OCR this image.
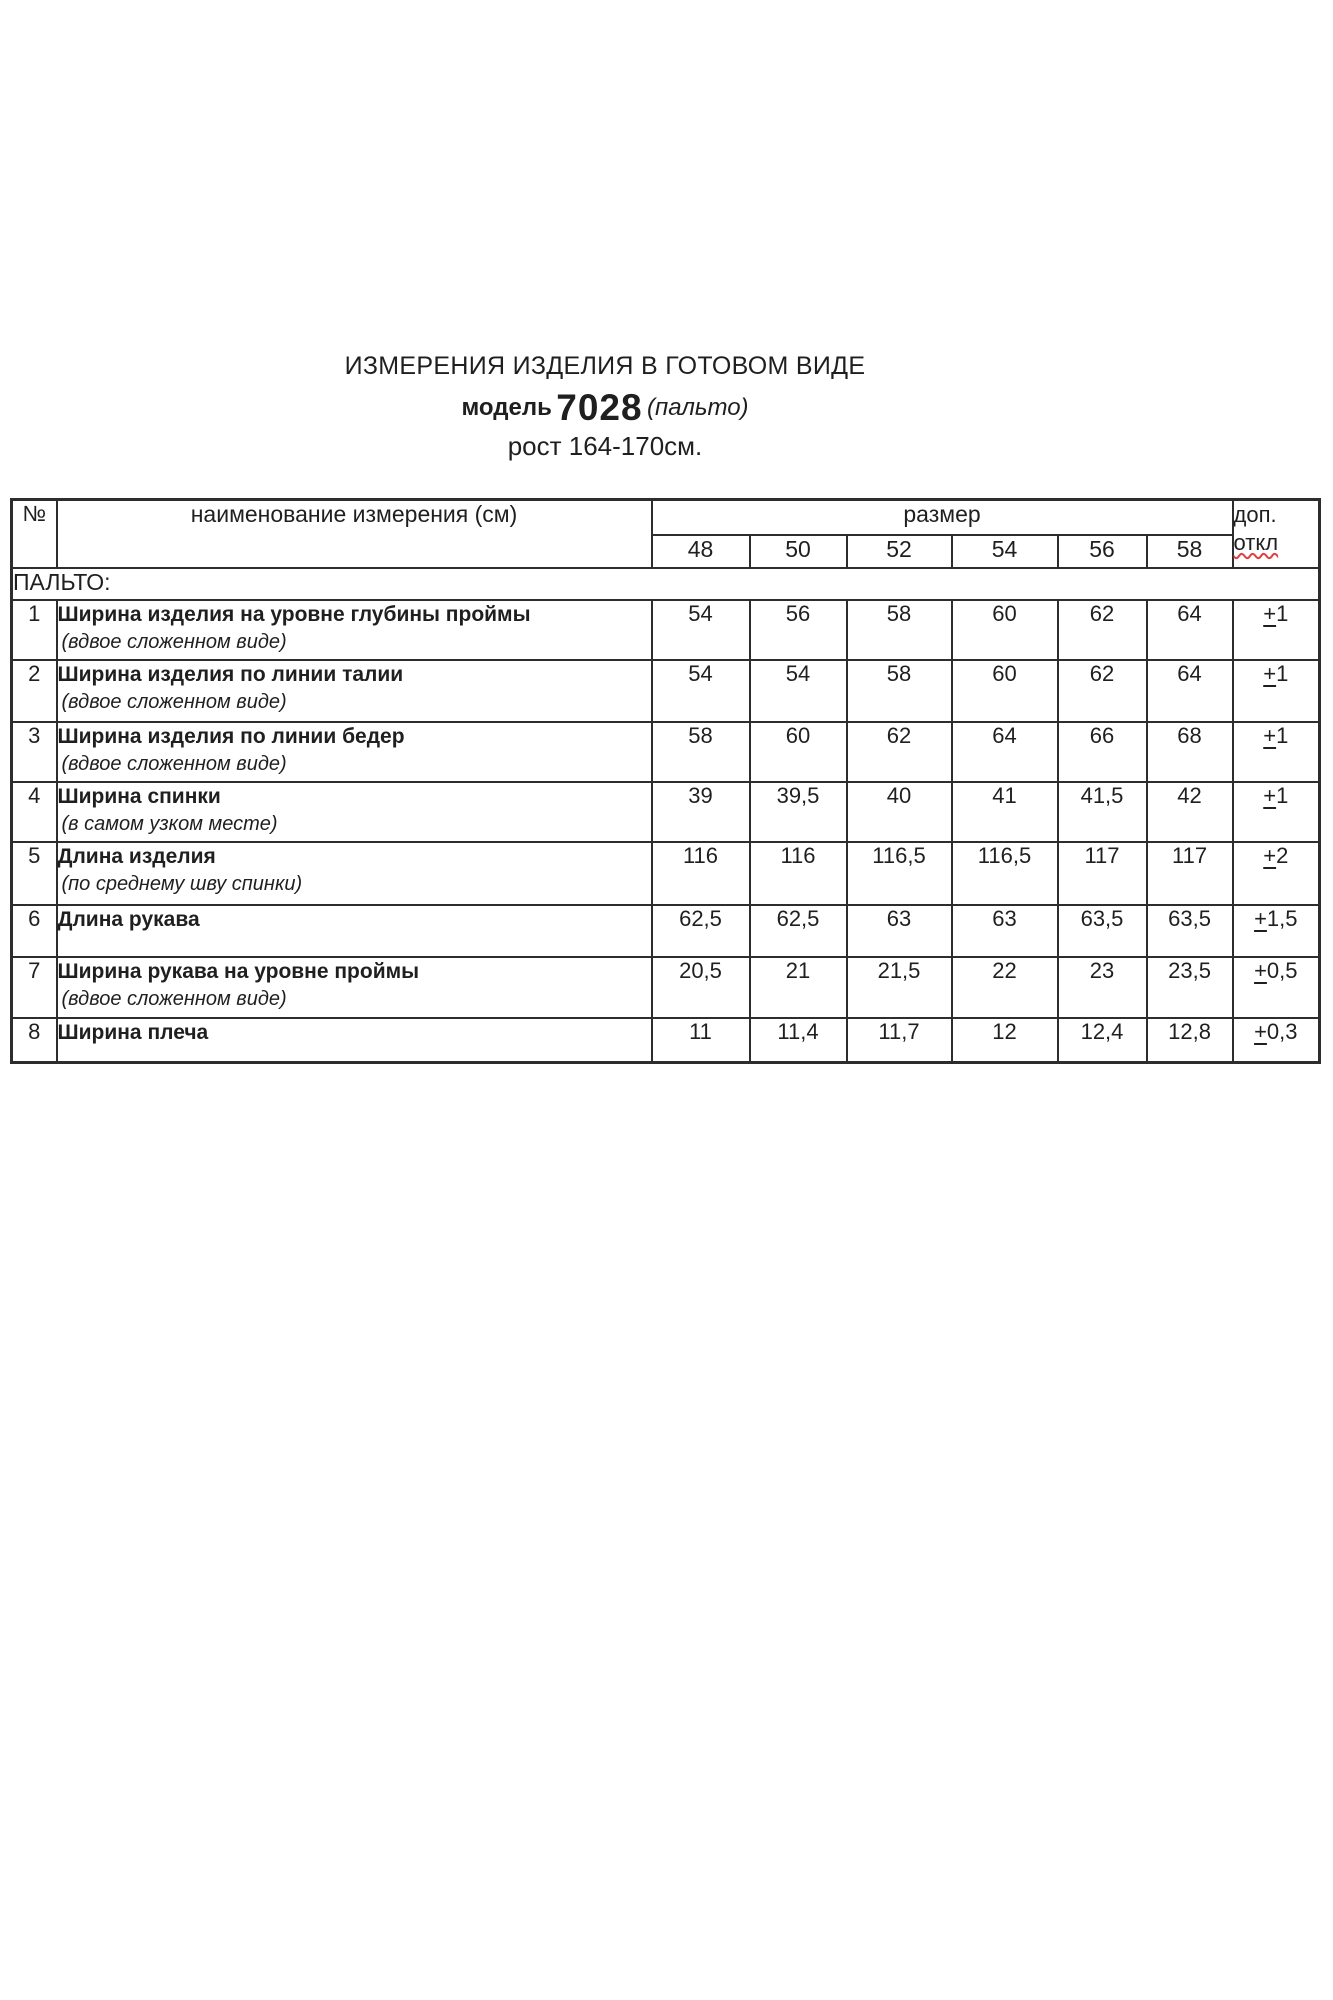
ИЗМЕРЕНИЯ ИЗДЕЛИЯ В ГОТОВОМ ВИДЕ
модель 7028 (пальто)
рост 164-170см.
№	наименование измерения (см)	размер						доп.
откл

		48	50	52	54	56	58	
ПАЛЬТО:								
1	Ширина изделия на уровне глубины проймы
(вдвое сложенном виде)	54	56	58	60	62	64	+1
2	Ширина изделия по линии талии
(вдвое сложенном виде)	54	54	58	60	62	64	+1
3	Ширина изделия по линии бедер
(вдвое сложенном виде)	58	60	62	64	66	68	+1
4	Ширина спинки
(в самом узком месте)	39	39,5	40	41	41,5	42	+1
5	Длина изделия
(по среднему шву спинки)	116	116	116,5	116,5	117	117	+2
6	Длина рукава	62,5	62,5	63	63	63,5	63,5	+1,5
7	Ширина рукава на уровне проймы
(вдвое сложенном виде)	20,5	21	21,5	22	23	23,5	+0,5
8	Ширина плеча	11	11,4	11,7	12	12,4	12,8	+0,3
